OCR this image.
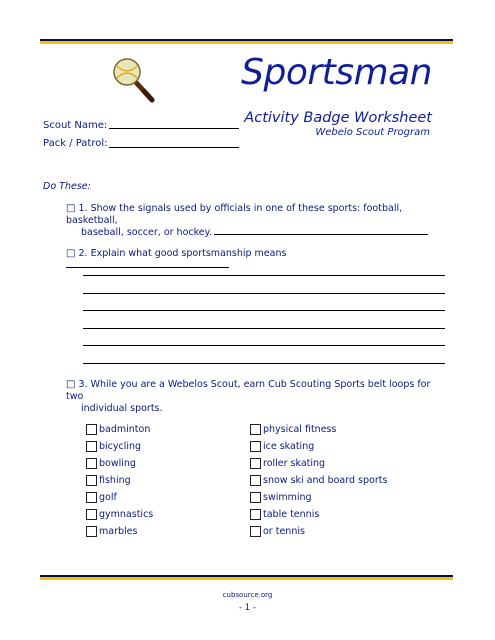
Sportsman
Activity Badge Worksheet
Webelo Scout Program
Scout Name:
Pack / Patrol:
Do These:
□ 1. Show the signals used by officials in one of these sports: football, basketball,
baseball, soccer, or hockey.
□ 2. Explain what good sportsmanship means
□ 3. While you are a Webelos Scout, earn Cub Scouting Sports belt loops for two
individual sports.
badminton
bicycling
bowling
fishing
golf
gymnastics
marbles
physical fitness
ice skating
roller skating
snow ski and board sports
swimming
table tennis
or tennis
cubsource.org
- 1 -
